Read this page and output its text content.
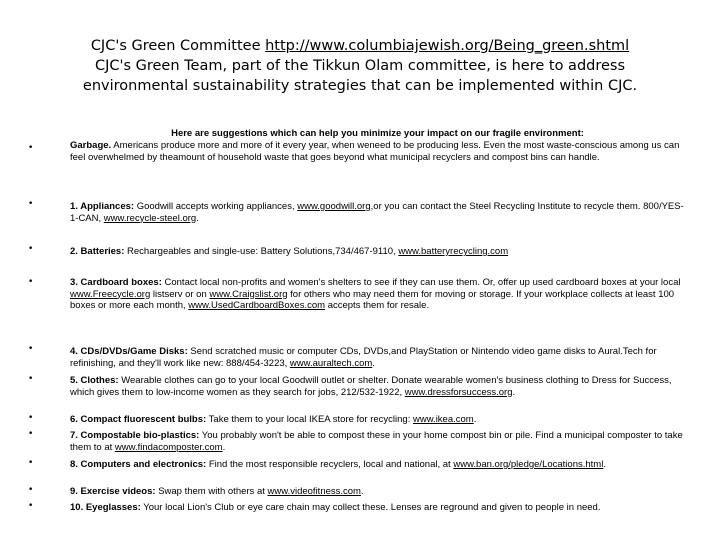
CJC's Green Committee http://www.columbiajewish.org/Being_green.shtml
CJC's Green Team, part of the Tikkun Olam committee, is here to address
environmental sustainability strategies that can be implemented within CJC.
•
•
•
•
•
•
•
•
•
•
•
Here are suggestions which can help you minimize your impact on our fragile environment:
Garbage. Americans produce more and more of it every year, when weneed to be producing less. Even the most waste-conscious among us can feel overwhelmed by theamount of household waste that goes beyond what municipal recyclers and compost bins can handle.
1. Appliances: Goodwill accepts working appliances, www.goodwill.org,or you can contact the Steel Recycling Institute to recycle them. 800/YES-1-CAN, www.recycle-steel.org.
2. Batteries: Rechargeables and single-use: Battery Solutions,734/467-9110, www.batteryrecycling.com
3. Cardboard boxes: Contact local non-profits and women's shelters to see if they can use them. Or, offer up used cardboard boxes at your local www.Freecycle.org listserv or on www.Craigslist.org for others who may need them for moving or storage. If your workplace collects at least 100 boxes or more each month, www.UsedCardboardBoxes.com accepts them for resale.
4. CDs/DVDs/Game Disks: Send scratched music or computer CDs, DVDs,and PlayStation or Nintendo video game disks to Aural.Tech for refinishing, and they'll work like new: 888/454-3223, www.auraltech.com.
5. Clothes: Wearable clothes can go to your local Goodwill outlet or shelter. Donate wearable women's business clothing to Dress for Success, which gives them to low-income women as they search for jobs, 212/532-1922, www.dressforsuccess.org.
6. Compact fluorescent bulbs: Take them to your local IKEA store for recycling: www.ikea.com.
7. Compostable bio-plastics: You probably won't be able to compost these in your home compost bin or pile. Find a municipal composter to take them to at www.findacomposter.com.
8. Computers and electronics: Find the most responsible recyclers, local and national, at www.ban.org/pledge/Locations.html.
9. Exercise videos: Swap them with others at www.videofitness.com.
10. Eyeglasses: Your local Lion's Club or eye care chain may collect these. Lenses are reground and given to people in need.
